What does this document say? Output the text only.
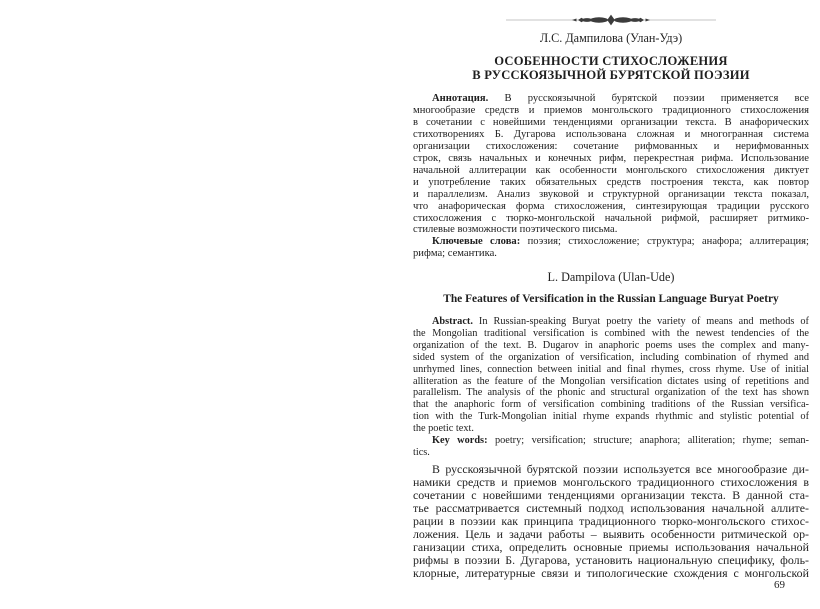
Л.С. Дампилова (Улан-Удэ)
ОСОБЕННОСТИ СТИХОСЛОЖЕНИЯ
В РУССКОЯЗЫЧНОЙ БУРЯТСКОЙ ПОЭЗИИ
Аннотация. В русскоязычной бурятской поэзии применяется все
многообразие средств и приемов монгольского традиционного стихосложения
в сочетании с новейшими тенденциями организации текста. В анафорических
стихотворениях Б. Дугарова использована сложная и многогранная система
организации стихосложения: сочетание рифмованных и нерифмованных
строк, связь начальных и конечных рифм, перекрестная рифма. Использование
начальной аллитерации как особенности монгольского стихосложения диктует
и употребление таких обязательных средств построения текста, как повтор
и параллелизм. Анализ звуковой и структурной организации текста показал,
что анафорическая форма стихосложения, синтезирующая традиции русского
стихосложения с тюрко-монгольской начальной рифмой, расширяет ритмико-
стилевые возможности поэтического письма.
Ключевые слова: поэзия; стихосложение; структура; анафора; аллитерация;
рифма; семантика.
L. Dampilova (Ulan-Ude)
The Features of Versification in the Russian Language Buryat Poetry
Abstract. In Russian-speaking Buryat poetry the variety of means and methods of
the Mongolian traditional versification is combined with the newest tendencies of the
organization of the text. B. Dugarov in anaphoric poems uses the complex and many-
sided system of the organization of versification, including combination of rhymed and
unrhymed lines, connection between initial and final rhymes, cross rhyme. Use of initial
alliteration as the feature of the Mongolian versification dictates using of repetitions and
parallelism. The analysis of the phonic and structural organization of the text has shown
that the anaphoric form of versification combining traditions of the Russian versifica-
tion with the Turk-Mongolian initial rhyme expands rhythmic and stylistic potential of
the poetic text.
Key words: poetry; versification; structure; anaphora; alliteration; rhyme; seman-
tics.
В русскоязычной бурятской поэзии используется все многообразие ди-
намики средств и приемов монгольского традиционного стихосложения в
сочетании с новейшими тенденциями организации текста. В данной ста-
тье рассматривается системный подход использования начальной аллите-
рации в поэзии как принципа традиционного тюрко-монгольского стихос-
ложения. Цель и задачи работы – выявить особенности ритмической ор-
ганизации стиха, определить основные приемы использования начальной
рифмы в поэзии Б. Дугарова, установить национальную специфику, фоль-
клорные, литературные связи и типологические схождения с монгольской
69
